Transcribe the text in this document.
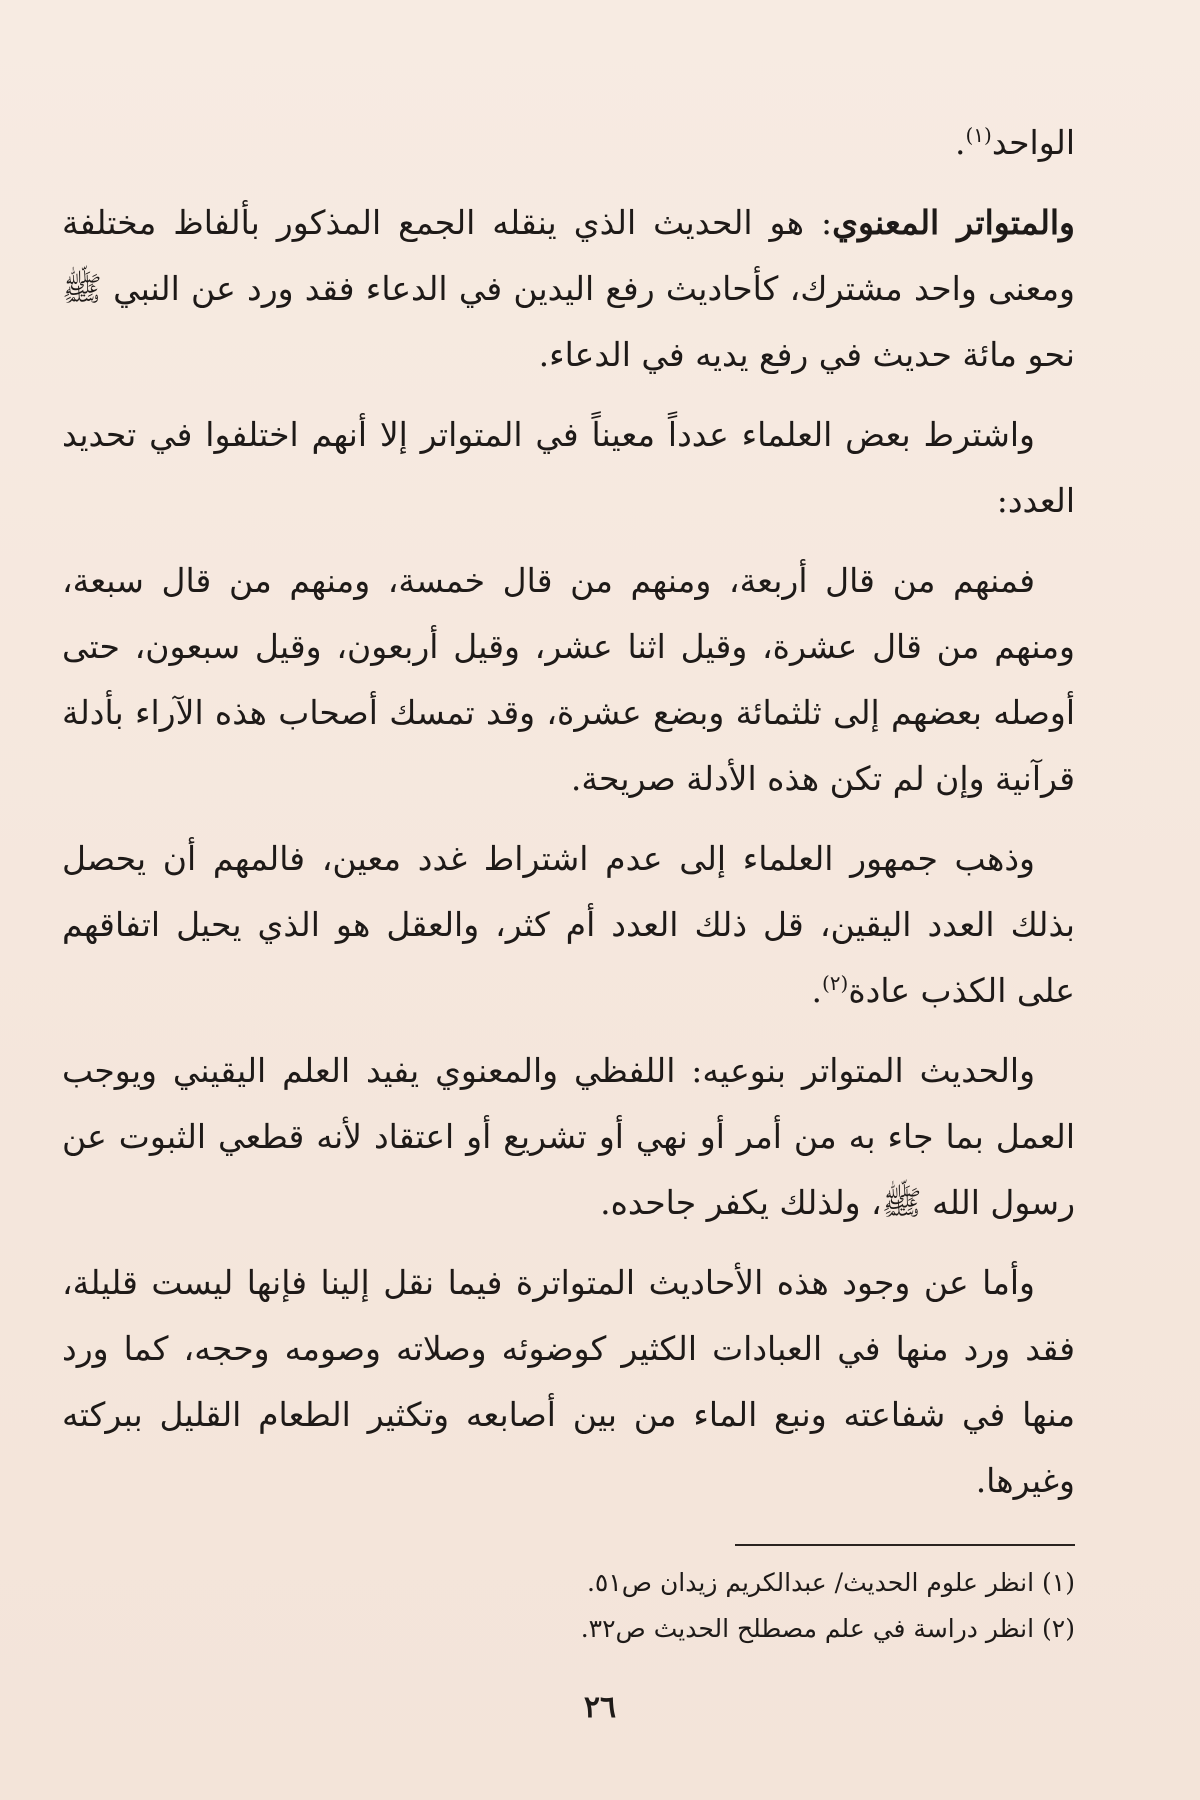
الواحد$^{(١)}$.

والمتواتر المعنوي: هو الحديث الذي ينقله الجمع المذكور بألفاظ مختلفة ومعنى واحد مشترك، كأحاديث رفع اليدين في الدعاء فقد ورد عن النبي ﷺ نحو مائة حديث في رفع يديه في الدعاء.

واشترط بعض العلماء عدداً معيناً في المتواتر إلا أنهم اختلفوا في تحديد العدد:

فمنهم من قال أربعة، ومنهم من قال خمسة، ومنهم من قال سبعة، ومنهم من قال عشرة، وقيل اثنا عشر، وقيل أربعون، وقيل سبعون، حتى أوصله بعضهم إلى ثلثمائة وبضع عشرة، وقد تمسك أصحاب هذه الآراء بأدلة قرآنية وإن لم تكن هذه الأدلة صريحة.

وذهب جمهور العلماء إلى عدم اشتراط غدد معين، فالمهم أن يحصل بذلك العدد اليقين، قل ذلك العدد أم كثر، والعقل هو الذي يحيل اتفاقهم على الكذب عادة$^{(٢)}$.

والحديث المتواتر بنوعيه: اللفظي والمعنوي يفيد العلم اليقيني ويوجب العمل بما جاء به من أمر أو نهي أو تشريع أو اعتقاد لأنه قطعي الثبوت عن رسول الله ﷺ، ولذلك يكفر جاحده.

وأما عن وجود هذه الأحاديث المتواترة فيما نقل إلينا فإنها ليست قليلة، فقد ورد منها في العبادات الكثير كوضوئه وصلاته وصومه وحجه، كما ورد منها في شفاعته ونبع الماء من بين أصابعه وتكثير الطعام القليل ببركته وغيرها.

(١) انظر علوم الحديث/ عبدالكريم زيدان ص٥١.

(٢) انظر دراسة في علم مصطلح الحديث ص٣٢.

٢٦
